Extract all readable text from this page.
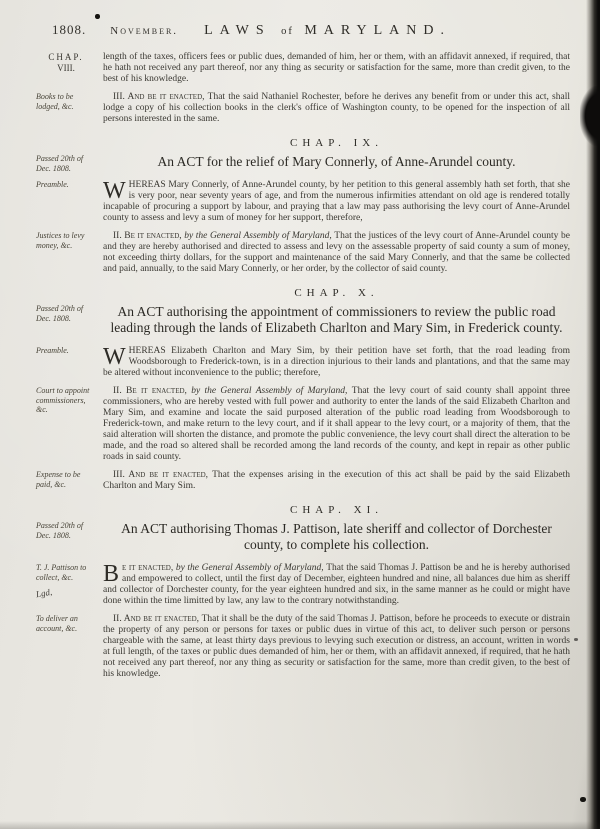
1808. November. LAWS of MARYLAND.
CHAP.
VIII.

length of the taxes, officers fees or public dues, demanded of him, her or them, with an affidavit annexed, if required, that he hath not received any part thereof, nor any thing as security or satisfaction for the same, more than credit given, to the best of his knowledge.

Books to be lodged, &c.

III. And be it enacted, That the said Nathaniel Rochester, before he derives any benefit from or under this act, shall lodge a copy of his collection books in the clerk's office of Washington county, to be opened for the inspection of all persons interested in the same.

CHAP. IX.
Passed 20th of Dec. 1808.	An ACT for the relief of Mary Connerly, of Anne-Arundel county.

Preamble.	WHEREAS Mary Connerly, of Anne-Arundel county, by her petition to this general assembly hath set forth, that she is very poor, near seventy years of age, and from the numerous infirmities attendant on old age is rendered totally incapable of procuring a support by labour, and praying that a law may pass authorising the levy court of Anne-Arundel county to assess and levy a sum of money for her support, therefore,

Justices to levy money, &c.

II. Be it enacted, by the General Assembly of Maryland, That the justices of the levy court of Anne-Arundel county be and they are hereby authorised and directed to assess and levy on the assessable property of said county a sum of money, not exceeding thirty dollars, for the support and maintenance of the said Mary Connerly, and that the same be collected and paid, annually, to the said Mary Connerly, or her order, by the collector of said county.

CHAP. X.
Passed 20th of Dec. 1808.	An ACT authorising the appointment of commissioners to review the public road leading through the lands of Elizabeth Charlton and Mary Sim, in Frederick county.

Preamble.	WHEREAS Elizabeth Charlton and Mary Sim, by their petition have set forth, that the road leading from Woodsborough to Frederick-town, is in a direction injurious to their lands and plantations, and that the same may be altered without inconvenience to the public; therefore,

Court to appoint commissioners, &c.

II. Be it enacted, by the General Assembly of Maryland, That the levy court of said county shall appoint three commissioners, who are hereby vested with full power and authority to enter the lands of the said Elizabeth Charlton and Mary Sim, and examine and locate the said purposed alteration of the public road leading from Woodsborough to Frederick-town, and make return to the levy court, and if it shall appear to the levy court, or a majority of them, that the said alteration will shorten the distance, and promote the public convenience, the levy court shall direct the alteration to be made, and the road so altered shall be recorded among the land records of the county, and kept in repair as other public roads in said county.

Expense to be paid, &c.

III. And be it enacted, That the expenses arising in the execution of this act shall be paid by the said Elizabeth Charlton and Mary Sim.

CHAP. XI.
Passed 20th of Dec. 1808.	An ACT authorising Thomas J. Pattison, late sheriff and collector of Dorchester county, to complete his collection.

T. J. Pattison to collect, &c.
Lgd,

Be it enacted, by the General Assembly of Maryland, That the said Thomas J. Pattison be and he is hereby authorised and empowered to collect, until the first day of December, eighteen hundred and nine, all balances due him as sheriff and collector of Dorchester county, for the year eighteen hundred and six, in the same manner as he could or might have done within the time limitted by law, any law to the contrary notwithstanding.

To deliver an account, &c.

II. And be it enacted, That it shall be the duty of the said Thomas J. Pattison, before he proceeds to execute or distrain the property of any person or persons for taxes or public dues in virtue of this act, to deliver such person or persons chargeable with the same, at least thirty days previous to levying such execution or distress, an account, written in words at full length, of the taxes or public dues demanded of him, her or them, with an affidavit annexed, if required, that he hath not received any part thereof, nor any thing as security or satisfaction for the same, more than credit given, to the best of his knowledge.
